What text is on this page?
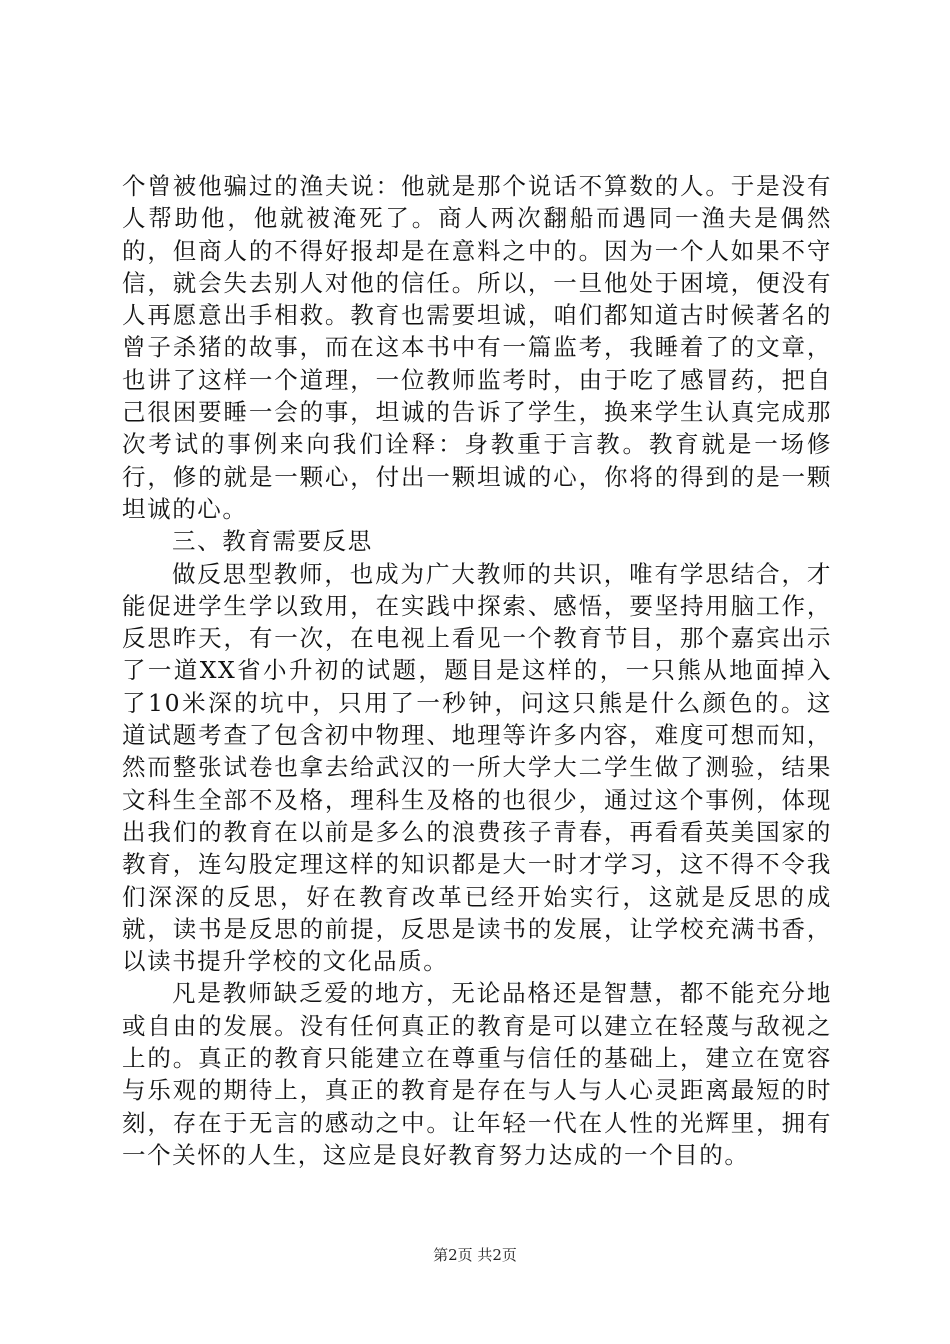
个曾被他骗过的渔夫说：他就是那个说话不算数的人。于是没有人帮助他，他就被淹死了。商人两次翻船而遇同一渔夫是偶然的，但商人的不得好报却是在意料之中的。因为一个人如果不守信，就会失去别人对他的信任。所以，一旦他处于困境，便没有人再愿意出手相救。教育也需要坦诚，咱们都知道古时候著名的曾子杀猪的故事，而在这本书中有一篇监考，我睡着了的文章，也讲了这样一个道理，一位教师监考时，由于吃了感冒药，把自己很困要睡一会的事，坦诚的告诉了学生，换来学生认真完成那次考试的事例来向我们诠释：身教重于言教。教育就是一场修行，修的就是一颗心，付出一颗坦诚的心，你将的得到的是一颗坦诚的心。

三、教育需要反思

做反思型教师，也成为广大教师的共识，唯有学思结合，才能促进学生学以致用，在实践中探索、感悟，要坚持用脑工作，反思昨天，有一次，在电视上看见一个教育节目，那个嘉宾出示了一道XX省小升初的试题，题目是这样的，一只熊从地面掉入了10米深的坑中，只用了一秒钟，问这只熊是什么颜色的。这道试题考查了包含初中物理、地理等许多内容，难度可想而知，然而整张试卷也拿去给武汉的一所大学大二学生做了测验，结果文科生全部不及格，理科生及格的也很少，通过这个事例，体现出我们的教育在以前是多么的浪费孩子青春，再看看英美国家的教育，连勾股定理这样的知识都是大一时才学习，这不得不令我们深深的反思，好在教育改革已经开始实行，这就是反思的成就，读书是反思的前提，反思是读书的发展，让学校充满书香，以读书提升学校的文化品质。

凡是教师缺乏爱的地方，无论品格还是智慧，都不能充分地或自由的发展。没有任何真正的教育是可以建立在轻蔑与敌视之上的。真正的教育只能建立在尊重与信任的基础上，建立在宽容与乐观的期待上，真正的教育是存在与人与人心灵距离最短的时刻，存在于无言的感动之中。让年轻一代在人性的光辉里，拥有一个关怀的人生，这应是良好教育努力达成的一个目的。

第2页 共2页
